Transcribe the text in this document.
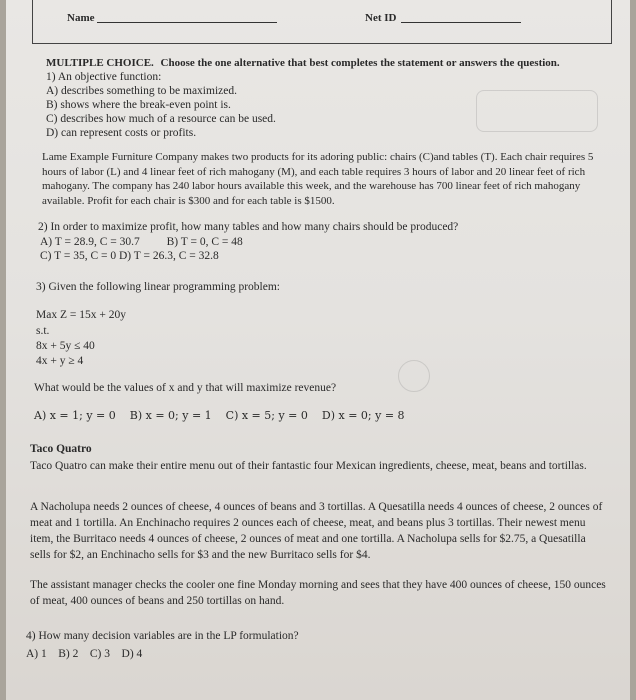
Name	Net ID
MULTIPLE CHOICE. Choose the one alternative that best completes the statement or answers the question.
1) An objective function:
A) describes something to be maximized.
B) shows where the break-even point is.
C) describes how much of a resource can be used.
D) can represent costs or profits.
Lame Example Furniture Company makes two products for its adoring public: chairs (C)and tables (T). Each chair requires 5 hours of labor (L) and 4 linear feet of rich mahogany (M), and each table requires 3 hours of labor and 20 linear feet of rich mahogany. The company has 240 labor hours available this week, and the warehouse has 700 linear feet of rich mahogany available. Profit for each chair is $300 and for each table is $1500.
2) In order to maximize profit, how many tables and how many chairs should be produced?
A) T = 28.9, C = 30.7 B) T = 0, C = 48
C) T = 35, C = 0 D) T = 26.3, C = 32.8
3) Given the following linear programming problem:
Max Z = 15x + 20y
s.t.
8x + 5y ≤ 40
4x + y ≥ 4
What would be the values of x and y that will maximize revenue?
A) x = 1; y = 0    B) x = 0; y = 1    C) x = 5; y = 0    D) x = 0; y = 8
Taco Quatro
Taco Quatro can make their entire menu out of their fantastic four Mexican ingredients, cheese, meat, beans and tortillas.
A Nacholupa needs 2 ounces of cheese, 4 ounces of beans and 3 tortillas. A Quesatilla needs 4 ounces of cheese, 2 ounces of meat and 1 tortilla. An Enchinacho requires 2 ounces each of cheese, meat, and beans plus 3 tortillas. Their newest menu item, the Burritaco needs 4 ounces of cheese, 2 ounces of meat and one tortilla. A Nacholupa sells for $2.75, a Quesatilla sells for $2, an Enchinacho sells for $3 and the new Burritaco sells for $4.
The assistant manager checks the cooler one fine Monday morning and sees that they have 400 ounces of cheese, 150 ounces of meat, 400 ounces of beans and 250 tortillas on hand.
4) How many decision variables are in the LP formulation?
A) 1    B) 2    C) 3    D) 4
